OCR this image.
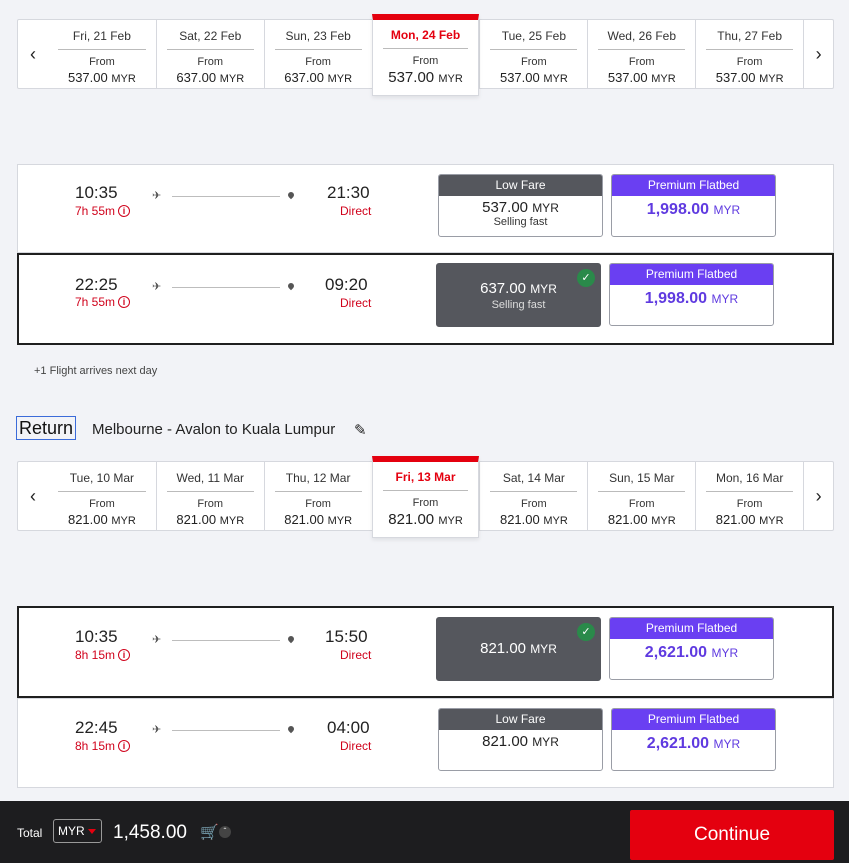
‹
Fri, 21 Feb
From
537.00 MYR
Sat, 22 Feb
From
637.00 MYR
Sun, 23 Feb
From
637.00 MYR
Mon, 24 Feb
From
537.00 MYR
Tue, 25 Feb
From
537.00 MYR
Wed, 26 Feb
From
537.00 MYR
Thu, 27 Feb
From
537.00 MYR
›
10:35
7h 55m i
✈	21:30
Direct
Low Fare
537.00 MYR
Selling fast
Premium Flatbed
1,998.00 MYR
22:25
7h 55m i
✈	09:20
Direct
✓
637.00 MYR
Selling fast
Premium Flatbed
1,998.00 MYR
+1 Flight arrives next day
Return Melbourne - Avalon to Kuala Lumpur ✎
‹
Tue, 10 Mar
From
821.00 MYR
Wed, 11 Mar
From
821.00 MYR
Thu, 12 Mar
From
821.00 MYR
Fri, 13 Mar
From
821.00 MYR
Sat, 14 Mar
From
821.00 MYR
Sun, 15 Mar
From
821.00 MYR
Mon, 16 Mar
From
821.00 MYR
›
10:35
8h 15m i
✈	15:50
Direct
✓
821.00 MYR
Premium Flatbed
2,621.00 MYR
22:45
8h 15m i
✈	04:00
Direct
Low Fare
821.00 MYR
Premium Flatbed
2,621.00 MYR
Total	MYR	1,458.00 🛒 ˆ	Continue
